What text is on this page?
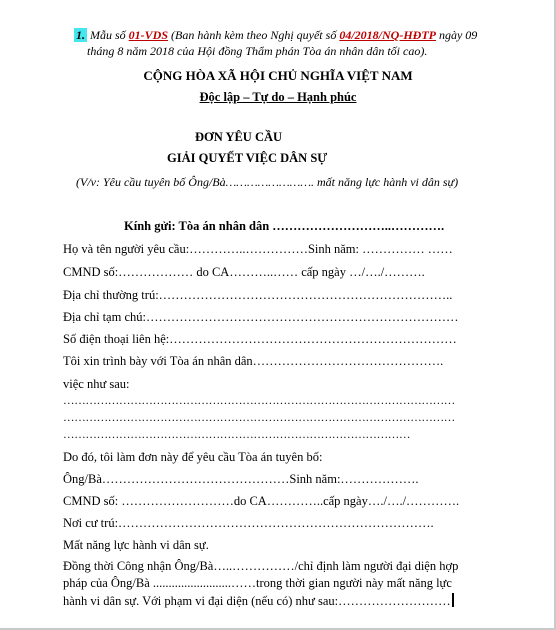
1. Mẫu số 01-VDS (Ban hành kèm theo Nghị quyết số 04/2018/NQ-HĐTP ngày 09
tháng 8 năm 2018 của Hội đồng Thẩm phán Tòa án nhân dân tối cao).
CỘNG HÒA XÃ HỘI CHỦ NGHĨA VIỆT NAM
Độc lập – Tự do – Hạnh phúc
ĐƠN YÊU CẦU
GIẢI QUYẾT VIỆC DÂN SỰ
(V/v: Yêu cầu tuyên bố Ông/Bà……………………. mất năng lực hành vi dân sự)
Kính gửi: Tòa án nhân dân ………………………..………….
Họ và tên người yêu cầu:…………..……………Sinh năm: …………… ……
CMND số:……………… do CA………..…… cấp ngày …/…./……….
Địa chỉ thường trú:……………………………………………………………..
Địa chỉ tạm chú:…………………………………………………………………
Số điện thoại liên hệ:……………………………………………………………
Tôi xin trình bày với Tòa án nhân dân……………………………………….
việc như sau:
……………………………………………………………………………………………
……………………………………………………………………………………………
…………………………………………………………………………………
Do đó, tôi làm đơn này để yêu cầu Tòa án tuyên bố:
Ông/Bà………………………………………Sinh năm:……………….
CMND số: ………………………do CA…………..cấp ngày…./…./………….
Nơi cư trú:………………………………………………………………….
Mất năng lực hành vi dân sự.
Đồng thời Công nhận Ông/Bà…..……………/chỉ định làm người đại diện hợp
pháp của Ông/Bà .........................……trong thời gian người này mất năng lực
hành vi dân sự. Với phạm vi đại diện (nếu có) như sau:………………………
